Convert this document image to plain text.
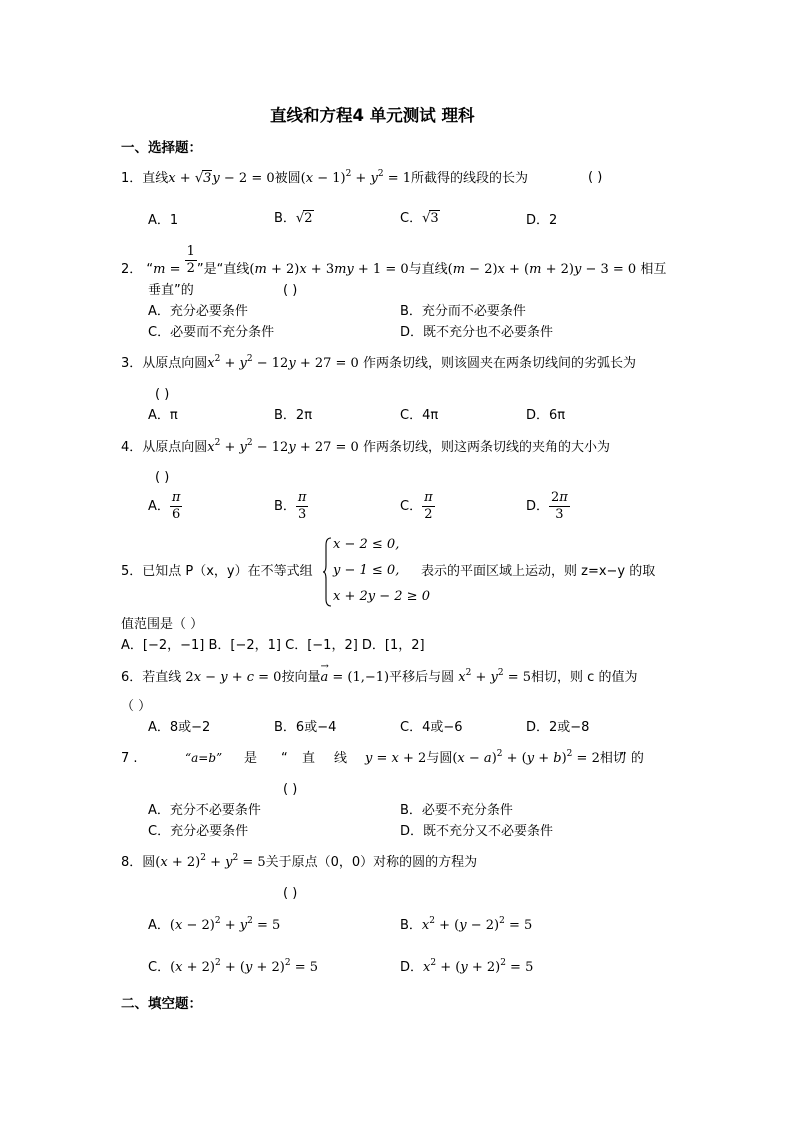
直线和方程4 单元测试 理科
一、选择题：
1．直线x + √3y − 2 = 0被圆$(x - 1)^2 + y^2 = 1$所截得的线段的长为	( )
A．1	B．√2	C．√3	D．2
2． “$m = \frac{1}{2}$ ”是“直线(m + 2)x + 3my + 1 = 0与直线(m − 2)x + (m + 2)y − 3 = 0 相互
垂直”的	( )
A．充分必要条件	B．充分而不必要条件
C．必要而不充分条件	D．既不充分也不必要条件
3．从原点向圆$x^2 + y^2 - 12y + 27 = 0$ 作两条切线，则该圆夹在两条切线间的劣弧长为
( )
A．π	B．2π	C．4π	D．6π
4．从原点向圆$x^2 + y^2 - 12y + 27 = 0$ 作两条切线，则这两条切线的夹角的大小为
( )
A． $\frac{\pi}{6}$	B． $\frac{\pi}{3}$	C． $\frac{\pi}{2}$	D． $\frac{2\pi}{3}$
5．已知点 P（x，y）在不等式组
x − 2 ≤ 0,
y − 1 ≤ 0,
x + 2y − 2 ≥ 0
表示的平面区域上运动，则 z=x−y 的取
值范围是（ ）
A．[−2，−1] B．[−2，1] C．[−1，2] D．[1，2]
6．若直线 2x − y + c = 0按向量→ a = (1,−1)平移后与圆 $x^2 + y^2 = 5$相切，则 c 的值为
（ ）
A．8或−2	B．6或−4	C．4或−6	D．2或−8
7 .	“a=b” 是 “ 直 线 y = x + 2与圆$(x - a)^2 + (y + b)^2 = 2$相切
” 的
( )
A．充分不必要条件	B．必要不充分条件
C．充分必要条件	D．既不充分又不必要条件
8．圆$(x + 2)^2 + y^2 = 5$关于原点（0，0）对称的圆的方程为
( )
A．$(x - 2)^2 + y^2 = 5$	B．$x^2 + (y - 2)^2 = 5$
C．$(x + 2)^2 + (y + 2)^2 = 5$	D．$x^2 + (y + 2)^2 = 5$
二、填空题：
